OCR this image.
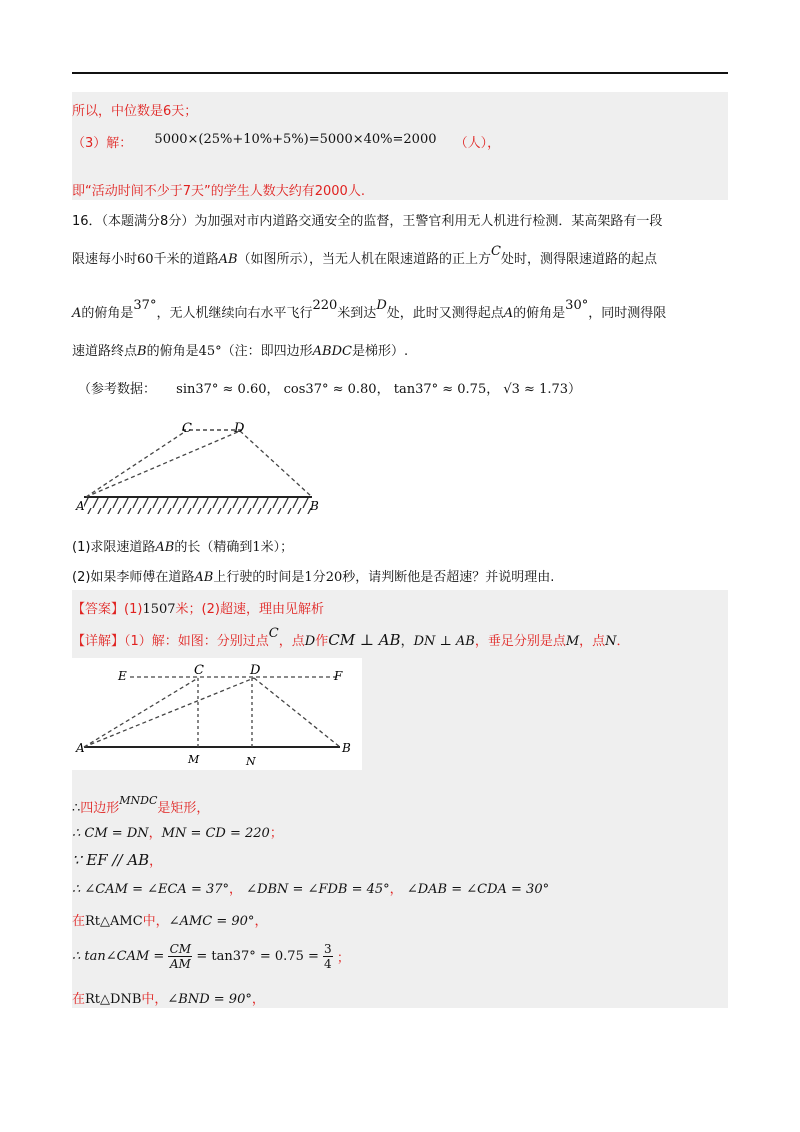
所以，中位数是6天；
（3）解： 5000×(25%+10%+5%)=5000×40%=2000 （人），
即“活动时间不少于7天”的学生人数大约有2000人.
16．（本题满分8分）为加强对市内道路交通安全的监督，王警官利用无人机进行检测．某高架路有一段
限速每小时60千米的道路AB（如图所示），当无人机在限速道路的正上方C处时，测得限速道路的起点
A的俯角是37°，无人机继续向右水平飞行220米到达D处，此时又测得起点A的俯角是30°，同时测得限
速道路终点B的俯角是45°（注：即四边形ABDC是梯形）.
（参考数据： sin37° ≈ 0.60， cos37° ≈ 0.80， tan37° ≈ 0.75， √3 ≈ 1.73）
C	D
A	B
(1)求限速道路AB的长（精确到1米）；
(2)如果李师傅在道路AB上行驶的时间是1分20秒，请判断他是否超速？并说明理由.
【答案】(1)1507米；(2)超速，理由见解析
【详解】（1）解：如图：分别过点C，点D作CM ⊥ AB，DN ⊥ AB，垂足分别是点M，点N．
E	F
C	D
A	B
M	N
∴四边形$^{MNDC}$是矩形，
∴ CM = DN，MN = CD = 220；
∵ EF // AB，
∴ ∠CAM = ∠ECA = 37°， ∠DBN = ∠FDB = 45°， ∠DAB = ∠CDA = 30°
在Rt△AMC中，∠AMC = 90°，
∴ tan∠CAM = CM
AM = tan37° = 0.75 = 3
4 ；
在Rt△DNB中，∠BND = 90°，
